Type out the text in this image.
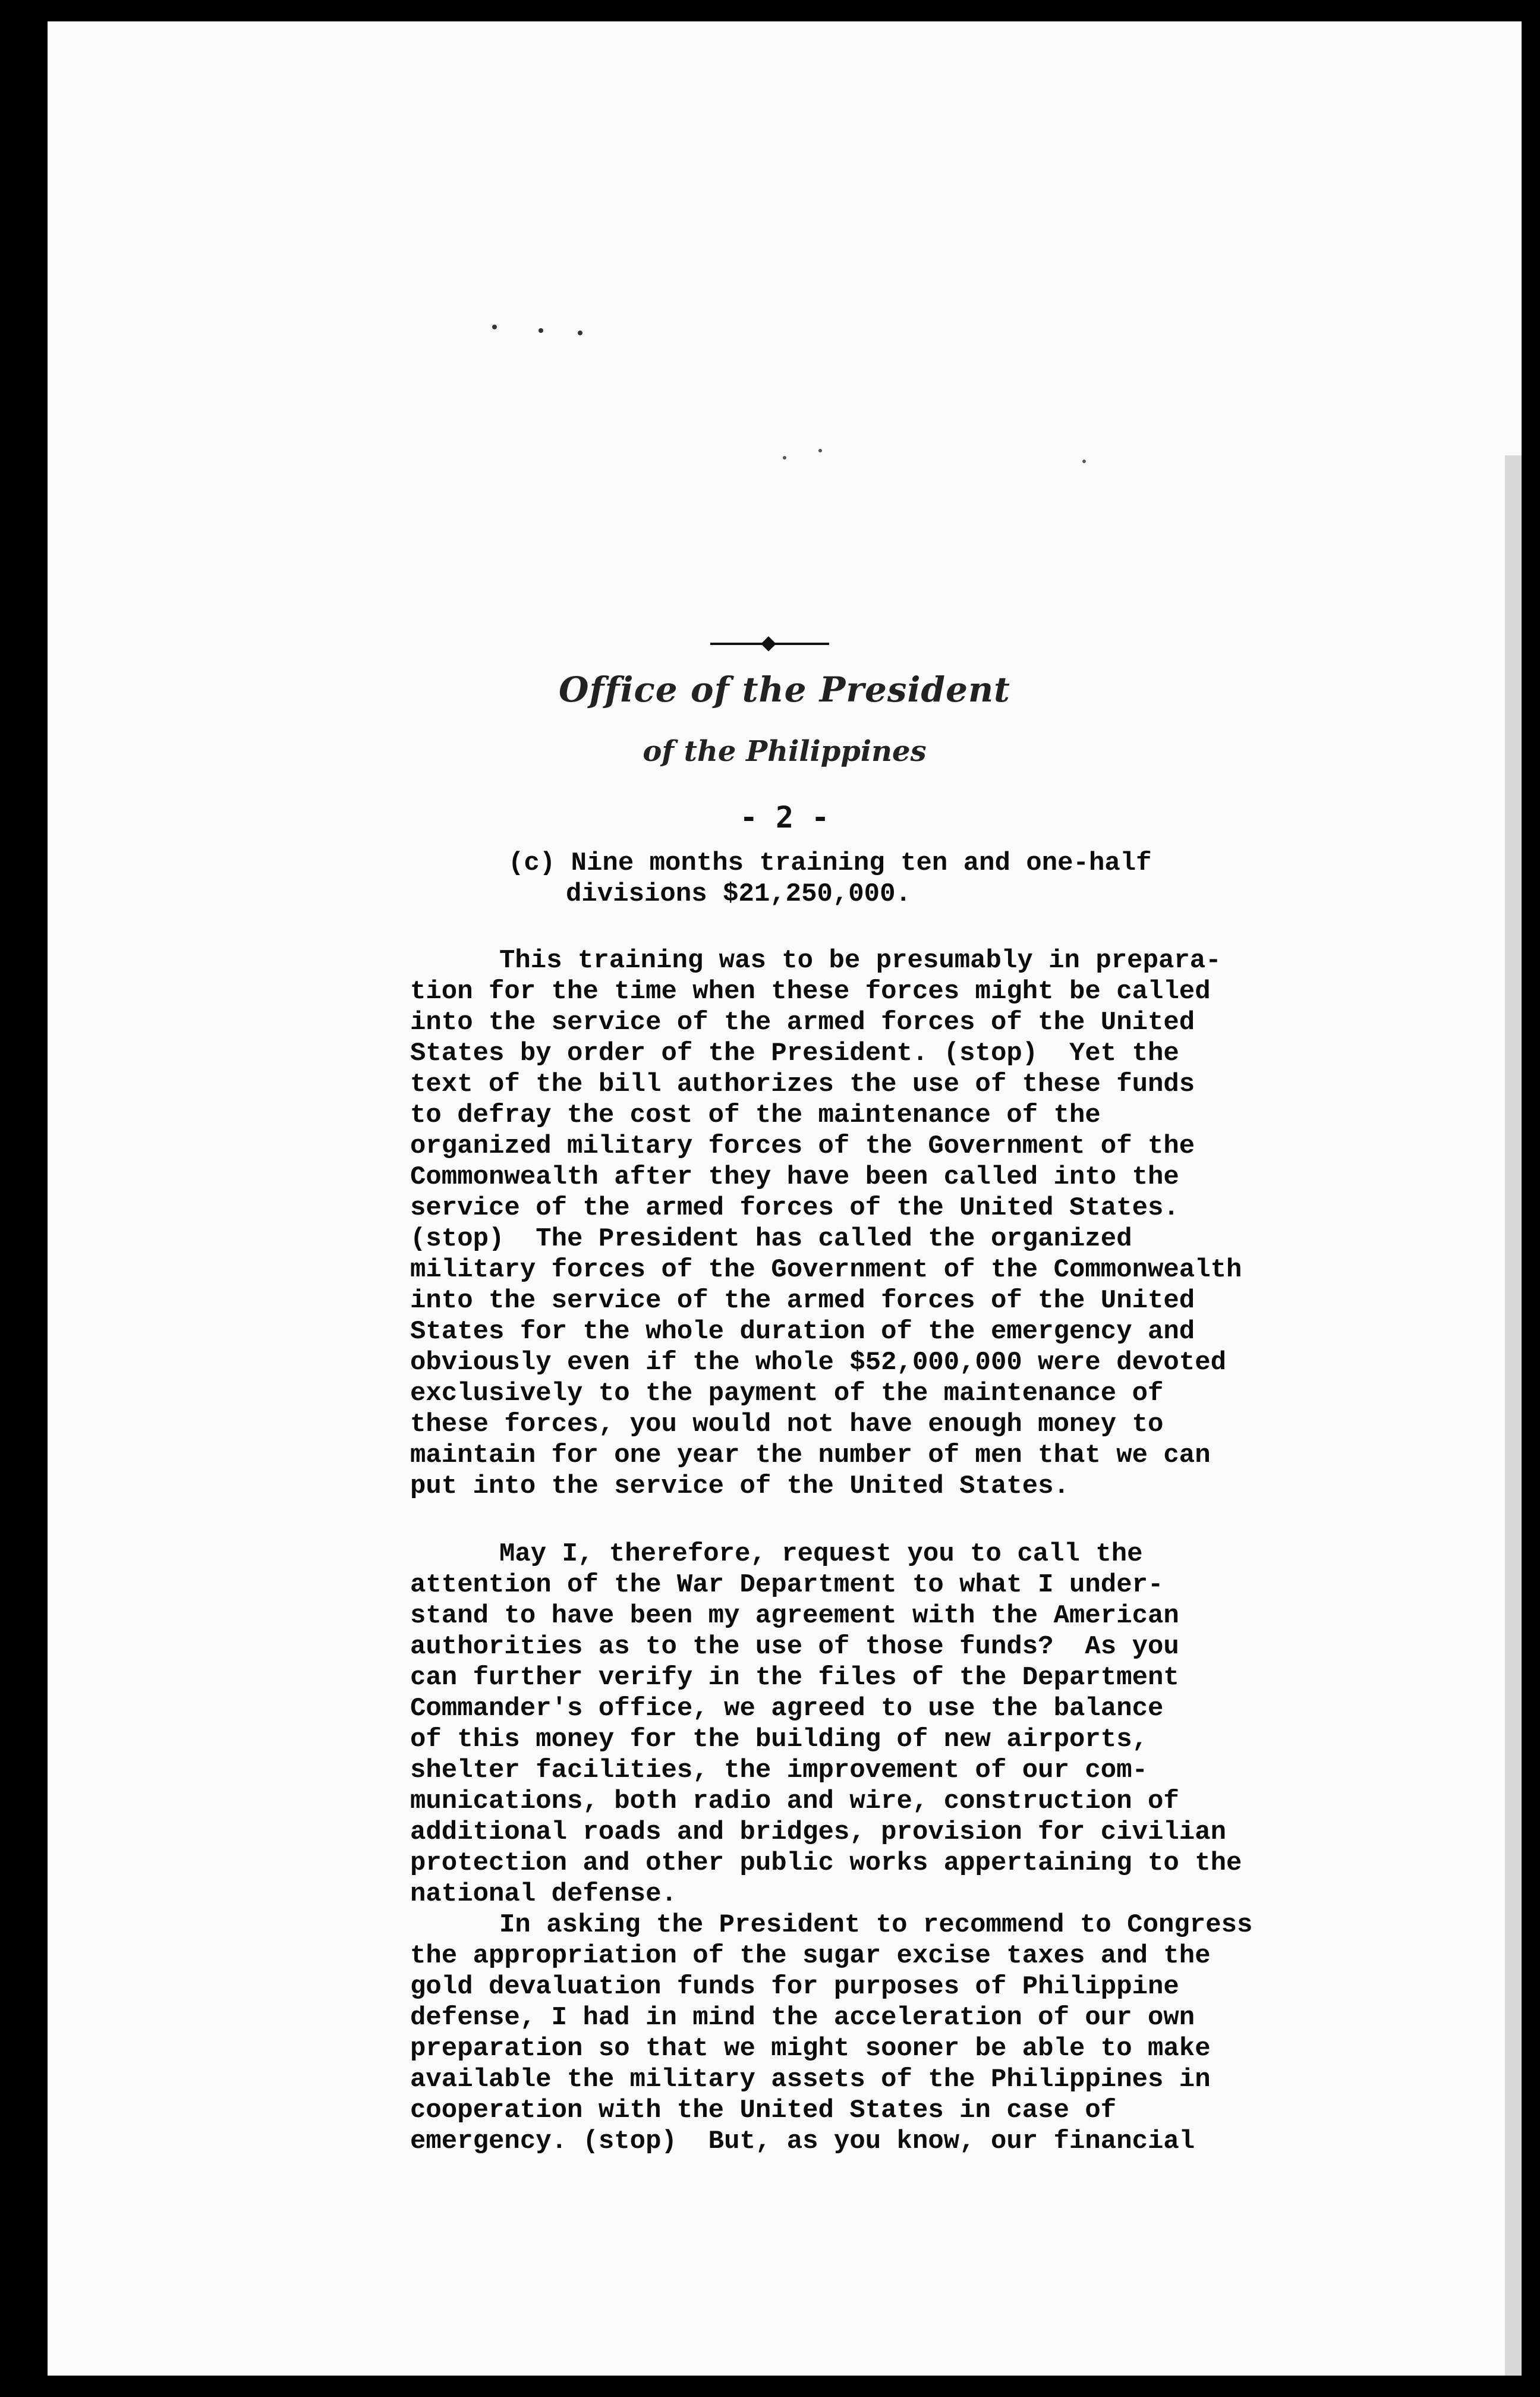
Office of the President
of the Philippines
- 2 -
(c) Nine months training ten and one-half
divisions $21,250,000.
This training was to be presumably in prepara-
tion for the time when these forces might be called
into the service of the armed forces of the United
States by order of the President. (stop)  Yet the
text of the bill authorizes the use of these funds
to defray the cost of the maintenance of the
organized military forces of the Government of the
Commonwealth after they have been called into the
service of the armed forces of the United States.
(stop)  The President has called the organized
military forces of the Government of the Commonwealth
into the service of the armed forces of the United
States for the whole duration of the emergency and
obviously even if the whole $52,000,000 were devoted
exclusively to the payment of the maintenance of
these forces, you would not have enough money to
maintain for one year the number of men that we can
put into the service of the United States.
May I, therefore, request you to call the
attention of the War Department to what I under-
stand to have been my agreement with the American
authorities as to the use of those funds?  As you
can further verify in the files of the Department
Commander's office, we agreed to use the balance
of this money for the building of new airports,
shelter facilities, the improvement of our com-
munications, both radio and wire, construction of
additional roads and bridges, provision for civilian
protection and other public works appertaining to the
national defense.
In asking the President to recommend to Congress
the appropriation of the sugar excise taxes and the
gold devaluation funds for purposes of Philippine
defense, I had in mind the acceleration of our own
preparation so that we might sooner be able to make
available the military assets of the Philippines in
cooperation with the United States in case of
emergency. (stop)  But, as you know, our financial
